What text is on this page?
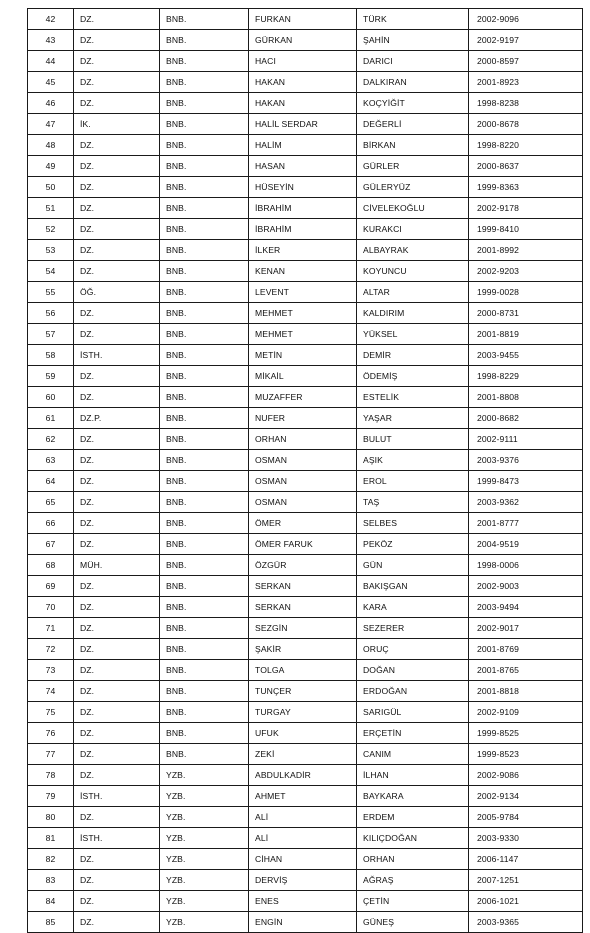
42	DZ.	BNB.	FURKAN	TÜRK	2002-9096
43	DZ.	BNB.	GÜRKAN	ŞAHİN	2002-9197
44	DZ.	BNB.	HACI	DARICI	2000-8597
45	DZ.	BNB.	HAKAN	DALKIRAN	2001-8923
46	DZ.	BNB.	HAKAN	KOÇYİĞİT	1998-8238
47	İK.	BNB.	HALİL SERDAR	DEĞERLİ	2000-8678
48	DZ.	BNB.	HALİM	BİRKAN	1998-8220
49	DZ.	BNB.	HASAN	GÜRLER	2000-8637
50	DZ.	BNB.	HÜSEYİN	GÜLERYÜZ	1999-8363
51	DZ.	BNB.	İBRAHİM	CİVELEKOĞLU	2002-9178
52	DZ.	BNB.	İBRAHİM	KURAKCI	1999-8410
53	DZ.	BNB.	İLKER	ALBAYRAK	2001-8992
54	DZ.	BNB.	KENAN	KOYUNCU	2002-9203
55	ÖĞ.	BNB.	LEVENT	ALTAR	1999-0028
56	DZ.	BNB.	MEHMET	KALDIRIM	2000-8731
57	DZ.	BNB.	MEHMET	YÜKSEL	2001-8819
58	İSTH.	BNB.	METİN	DEMİR	2003-9455
59	DZ.	BNB.	MİKAİL	ÖDEMİŞ	1998-8229
60	DZ.	BNB.	MUZAFFER	ESTELİK	2001-8808
61	DZ.P.	BNB.	NUFER	YAŞAR	2000-8682
62	DZ.	BNB.	ORHAN	BULUT	2002-9111
63	DZ.	BNB.	OSMAN	AŞIK	2003-9376
64	DZ.	BNB.	OSMAN	EROL	1999-8473
65	DZ.	BNB.	OSMAN	TAŞ	2003-9362
66	DZ.	BNB.	ÖMER	SELBES	2001-8777
67	DZ.	BNB.	ÖMER FARUK	PEKÖZ	2004-9519
68	MÜH.	BNB.	ÖZGÜR	GÜN	1998-0006
69	DZ.	BNB.	SERKAN	BAKIŞGAN	2002-9003
70	DZ.	BNB.	SERKAN	KARA	2003-9494
71	DZ.	BNB.	SEZGİN	SEZERER	2002-9017
72	DZ.	BNB.	ŞAKİR	ORUÇ	2001-8769
73	DZ.	BNB.	TOLGA	DOĞAN	2001-8765
74	DZ.	BNB.	TUNÇER	ERDOĞAN	2001-8818
75	DZ.	BNB.	TURGAY	SARIGÜL	2002-9109
76	DZ.	BNB.	UFUK	ERÇETİN	1999-8525
77	DZ.	BNB.	ZEKİ	CANIM	1999-8523
78	DZ.	YZB.	ABDULKADİR	İLHAN	2002-9086
79	İSTH.	YZB.	AHMET	BAYKARA	2002-9134
80	DZ.	YZB.	ALİ	ERDEM	2005-9784
81	İSTH.	YZB.	ALİ	KILIÇDOĞAN	2003-9330
82	DZ.	YZB.	CİHAN	ORHAN	2006-1147
83	DZ.	YZB.	DERVİŞ	AĞRAŞ	2007-1251
84	DZ.	YZB.	ENES	ÇETİN	2006-1021
85	DZ.	YZB.	ENGİN	GÜNEŞ	2003-9365
